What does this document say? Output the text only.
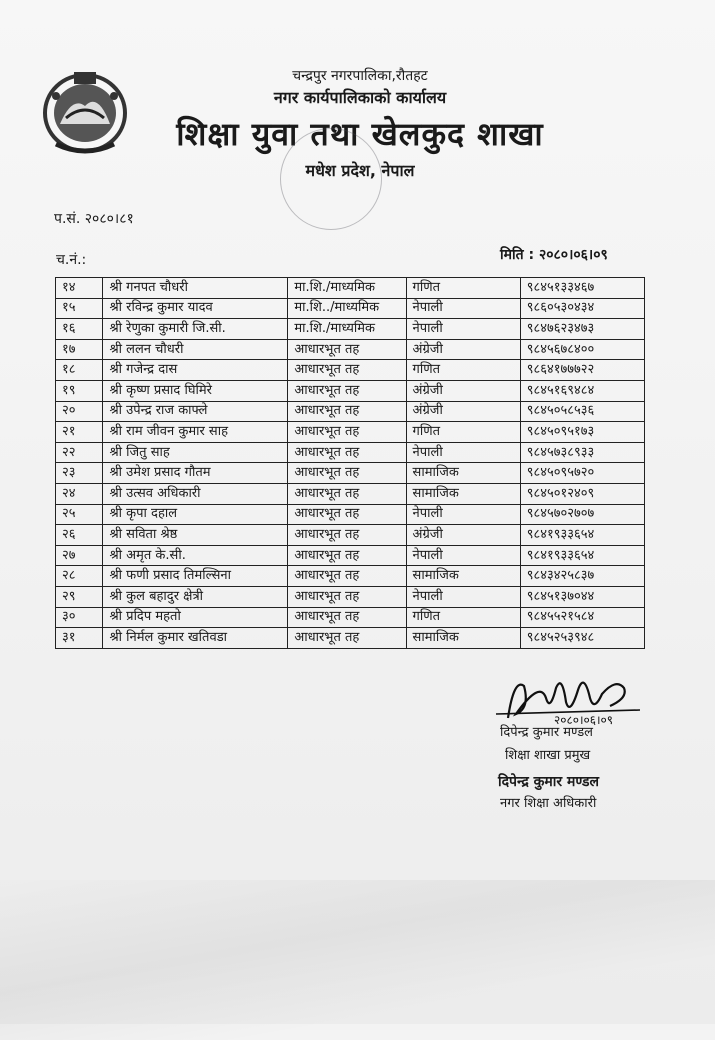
चन्द्रपुर नगरपालिका,रौतहट
नगर कार्यपालिकाको कार्यालय
शिक्षा युवा तथा खेलकुद शाखा
मधेश प्रदेश, नेपाल
प.सं. २०८०।८१
च.नं.:	मिति : २०८०।०६।०९
१४	श्री गनपत चौधरी	मा.शि./माध्यमिक	गणित	९८४५१३३४६७
१५	श्री रविन्द्र कुमार यादव	मा.शि../माध्यमिक	नेपाली	९८६०५३०४३४
१६	श्री रेणुका कुमारी जि.सी.	मा.शि./माध्यमिक	नेपाली	९८४७६२३४७३
१७	श्री ललन चौधरी	आधारभूत तह	अंग्रेजी	९८४५६७८४००
१८	श्री गजेन्द्र दास	आधारभूत तह	गणित	९८६४१७७७२२
१९	श्री कृष्ण प्रसाद घिमिरे	आधारभूत तह	अंग्रेजी	९८४५१६९४८४
२०	श्री उपेन्द्र राज काफ्ले	आधारभूत तह	अंग्रेजी	९८४५०५८५३६
२१	श्री राम जीवन कुमार साह	आधारभूत तह	गणित	९८४५०९५१७३
२२	श्री जितु साह	आधारभूत तह	नेपाली	९८४५७३८९३३
२३	श्री उमेश प्रसाद गौतम	आधारभूत तह	सामाजिक	९८४५०९५७२०
२४	श्री उत्सव अधिकारी	आधारभूत तह	सामाजिक	९८४५०१२४०९
२५	श्री कृपा दहाल	आधारभूत तह	नेपाली	९८४५७०२७०७
२६	श्री सविता श्रेष्ठ	आधारभूत तह	अंग्रेजी	९८४१९३३६५४
२७	श्री अमृत के.सी.	आधारभूत तह	नेपाली	९८४१९३३६५४
२८	श्री फणी प्रसाद तिमल्सिना	आधारभूत तह	सामाजिक	९८४३४२५८३७
२९	श्री कुल बहादुर क्षेत्री	आधारभूत तह	नेपाली	९८४५१३७०४४
३०	श्री प्रदिप महतो	आधारभूत तह	गणित	९८४५५२१५८४
३१	श्री निर्मल कुमार खतिवडा	आधारभूत तह	सामाजिक	९८४५२५३९४८
२०८०।०६।०९
दिपेन्द्र कुमार मण्डल
शिक्षा शाखा प्रमुख
दिपेन्द्र कुमार मण्डल
नगर शिक्षा अधिकारी
